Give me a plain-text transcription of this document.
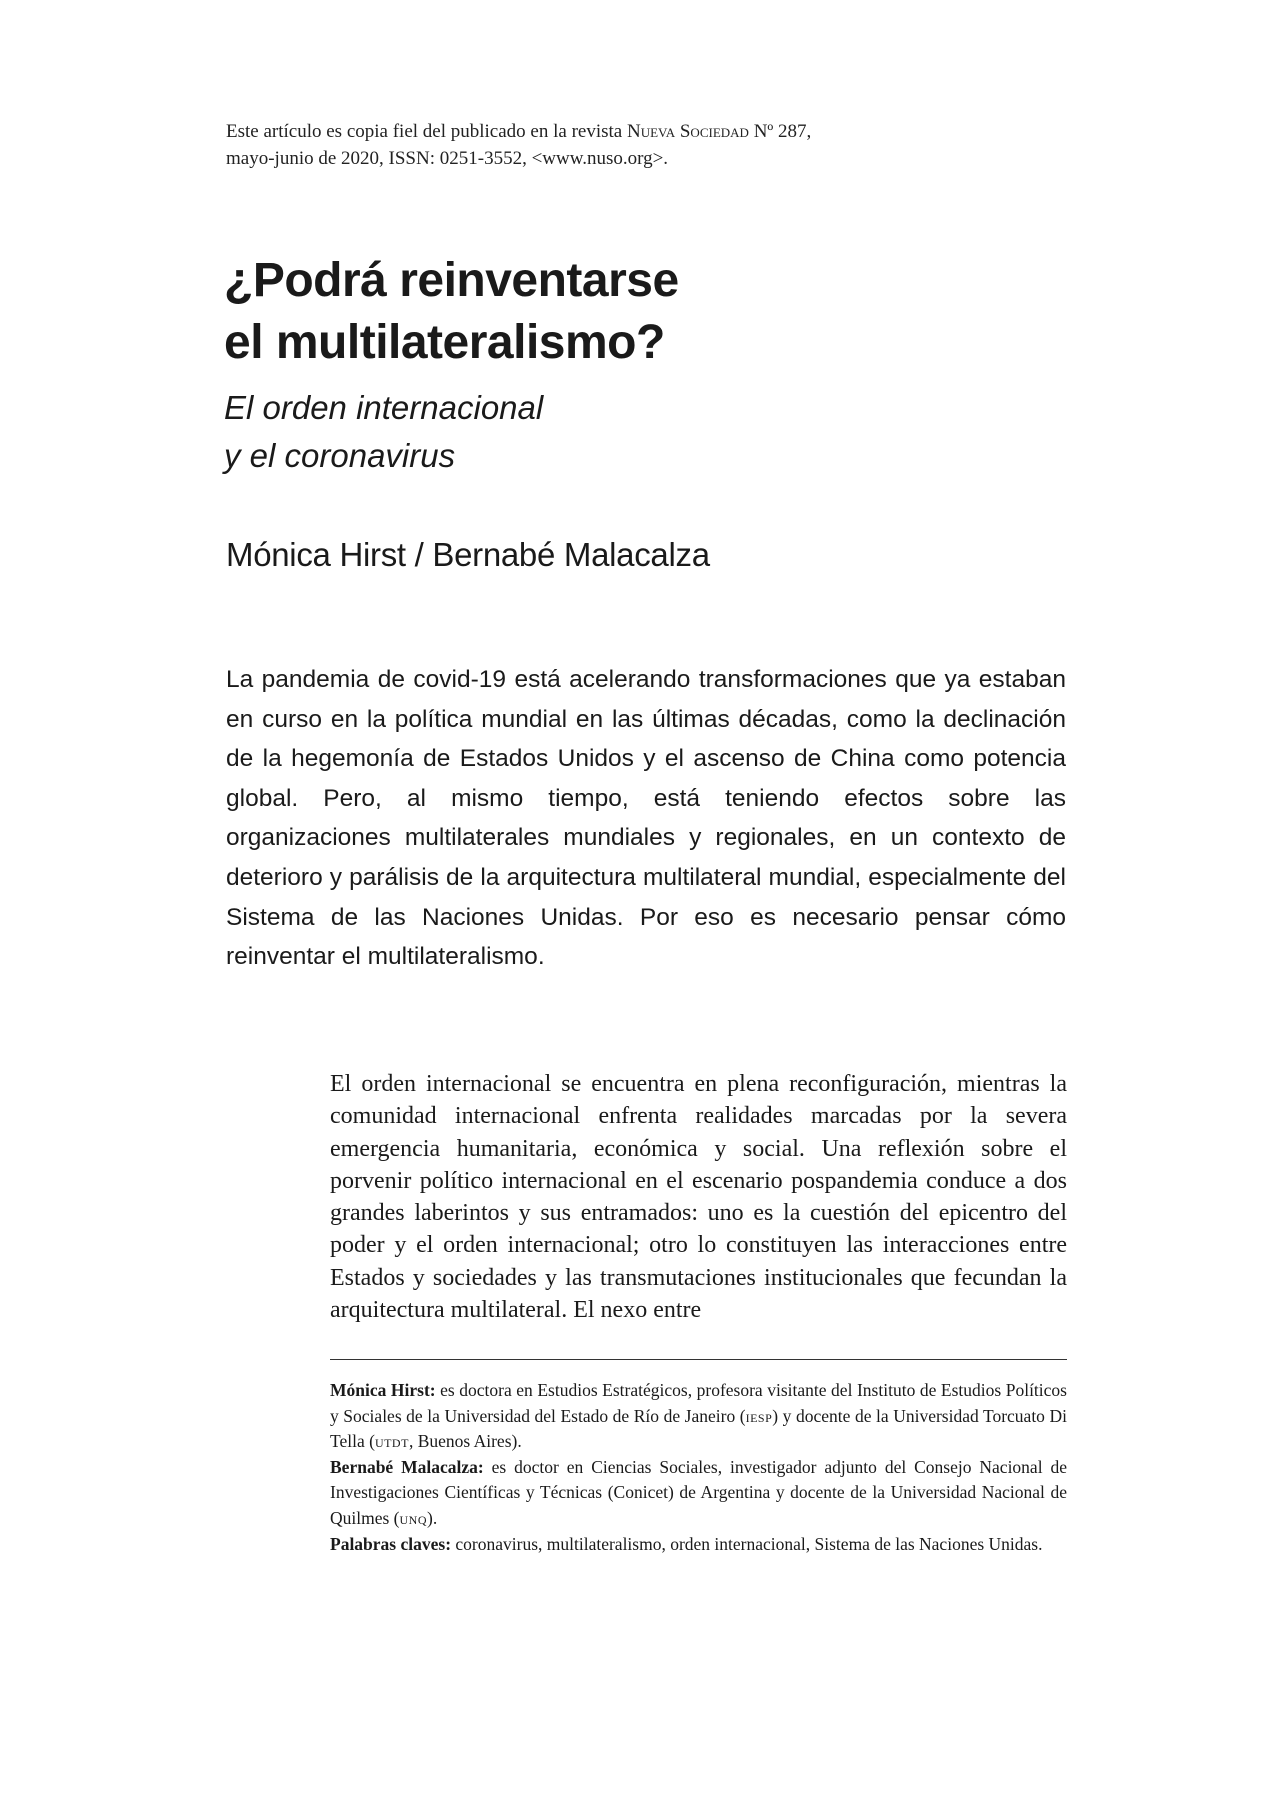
Este artículo es copia fiel del publicado en la revista Nueva Sociedad Nº 287,
mayo-junio de 2020, ISSN: 0251-3552, <www.nuso.org>.
¿Podrá reinventarse
el multilateralismo?
El orden internacional
y el coronavirus
Mónica Hirst / Bernabé Malacalza

La pandemia de covid-19 está acelerando transformaciones que ya estaban en curso en la política mundial en las últimas décadas, como la declinación de la hegemonía de Estados Unidos y el ascenso de China como potencia global. Pero, al mismo tiempo, está teniendo efectos sobre las organizaciones multilaterales mundiales y regionales, en un contexto de deterioro y parálisis de la arquitectura multilateral mundial, especialmente del Sistema de las Naciones Unidas. Por eso es necesario pensar cómo reinventar el multilateralismo.

El orden internacional se encuentra en plena reconfiguración, mientras la comunidad internacional enfrenta realidades marcadas por la severa emergencia humanitaria, económica y social. Una reflexión sobre el porvenir político internacional en el escenario pospandemia conduce a dos grandes laberintos y sus entramados: uno es la cuestión del epicentro del poder y el orden internacional; otro lo constituyen las interacciones entre Estados y sociedades y las transmutaciones institucionales que fecundan la arquitectura multilateral. El nexo entre

Mónica Hirst: es doctora en Estudios Estratégicos, profesora visitante del Instituto de Estudios Políticos y Sociales de la Universidad del Estado de Río de Janeiro (iesp) y docente de la Universidad Torcuato Di Tella (utdt, Buenos Aires).

Bernabé Malacalza: es doctor en Ciencias Sociales, investigador adjunto del Consejo Nacional de Investigaciones Científicas y Técnicas (Conicet) de Argentina y docente de la Universidad Nacional de Quilmes (unq).

Palabras claves: coronavirus, multilateralismo, orden internacional, Sistema de las Naciones Unidas.
